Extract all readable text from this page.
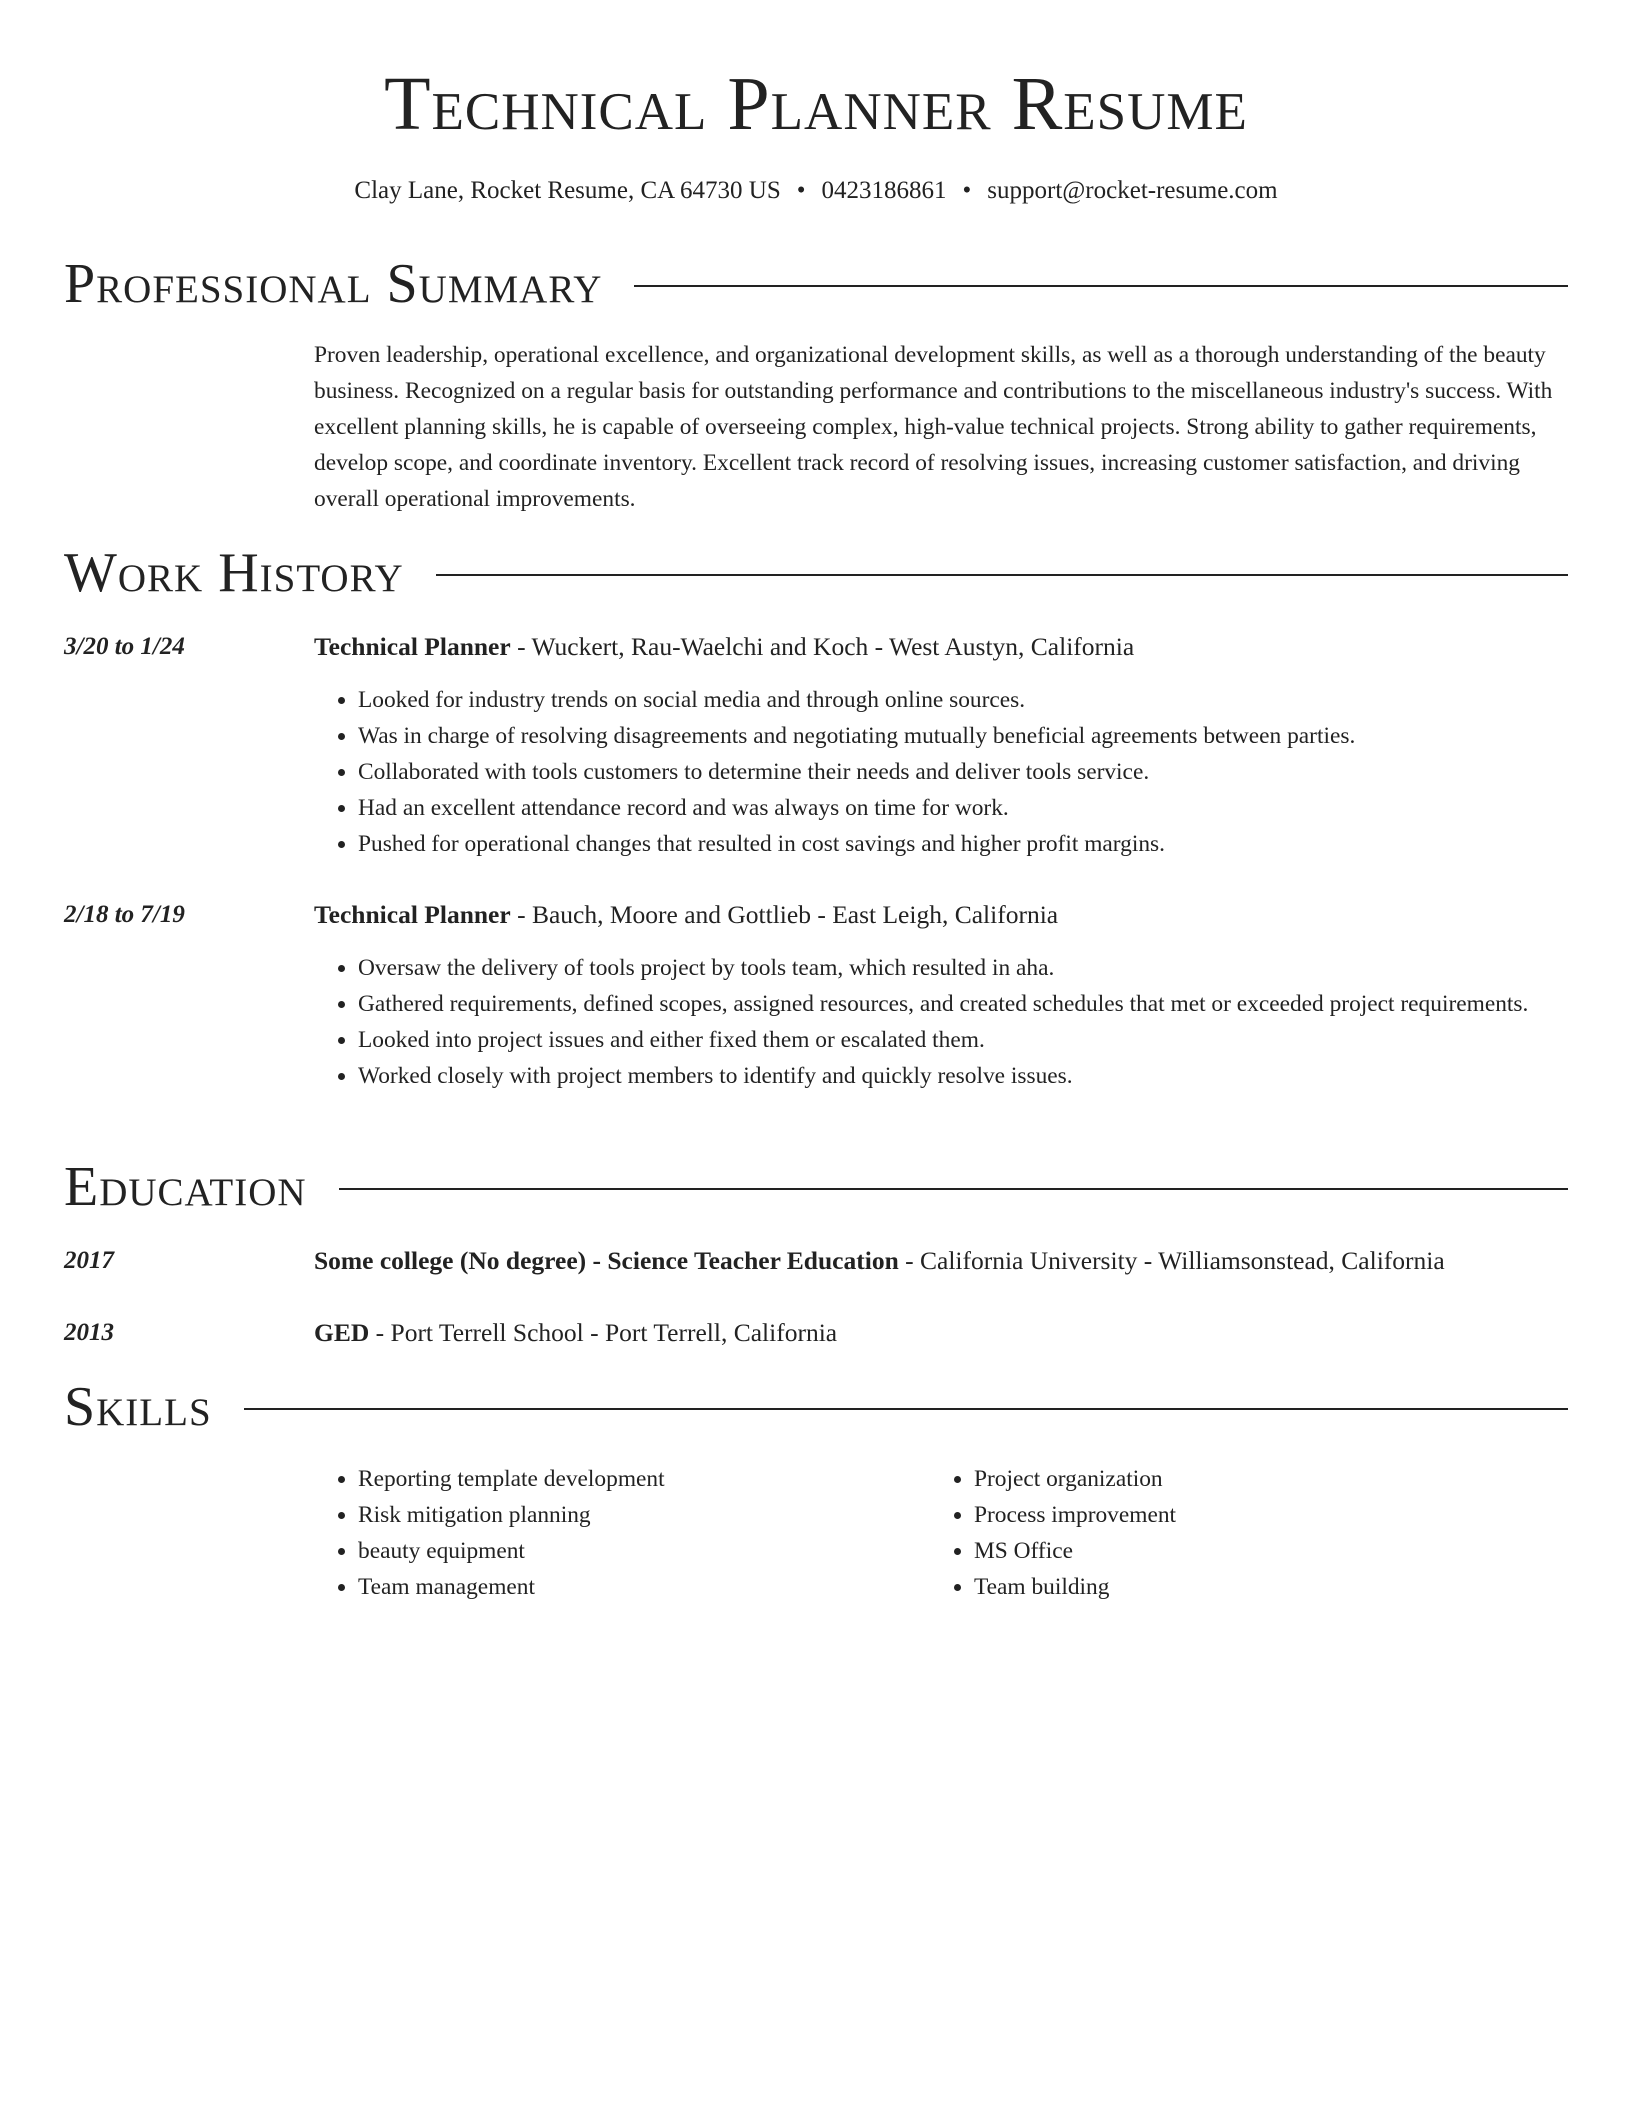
Technical Planner Resume

Clay Lane, Rocket Resume, CA 64730 US • 0423186861 • support@rocket-resume.com

Professional Summary

Proven leadership, operational excellence, and organizational development skills, as well as a thorough understanding of the beauty business. Recognized on a regular basis for outstanding performance and contributions to the miscellaneous industry's success. With excellent planning skills, he is capable of overseeing complex, high-value technical projects. Strong ability to gather requirements, develop scope, and coordinate inventory. Excellent track record of resolving issues, increasing customer satisfaction, and driving overall operational improvements.

Work History
3/20 to 1/24	Technical Planner - Wuckert, Rau-Waelchi and Koch - West Austyn, California
• Looked for industry trends on social media and through online sources.
• Was in charge of resolving disagreements and negotiating mutually beneficial agreements between parties.
• Collaborated with tools customers to determine their needs and deliver tools service.
• Had an excellent attendance record and was always on time for work.
• Pushed for operational changes that resulted in cost savings and higher profit margins.
2/18 to 7/19	Technical Planner - Bauch, Moore and Gottlieb - East Leigh, California
• Oversaw the delivery of tools project by tools team, which resulted in aha.
• Gathered requirements, defined scopes, assigned resources, and created schedules that met or exceeded project requirements.
• Looked into project issues and either fixed them or escalated them.
• Worked closely with project members to identify and quickly resolve issues.
Education
2017	Some college (No degree) - Science Teacher Education - California University - Williamsonstead, California
2013	GED - Port Terrell School - Port Terrell, California
Skills
• Reporting template development
• Risk mitigation planning
• beauty equipment
• Team management
• Project organization
• Process improvement
• MS Office
• Team building
